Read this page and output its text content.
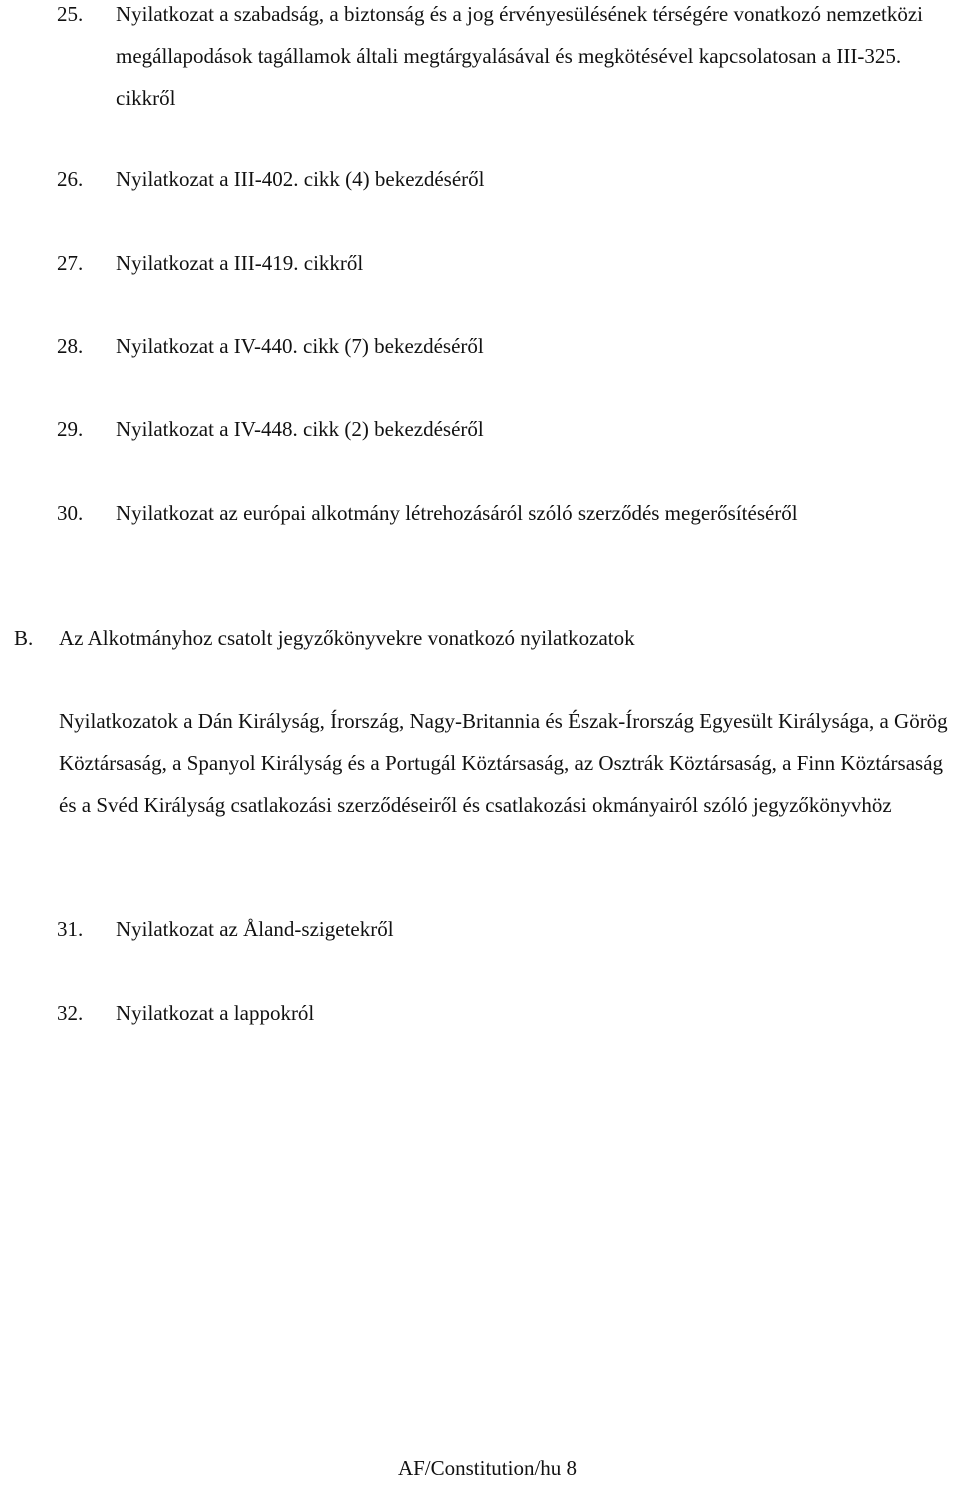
25.	Nyilatkozat a szabadság, a biztonság és a jog érvényesülésének térségére vonatkozó nemzetközi megállapodások tagállamok általi megtárgyalásával és megkötésével kapcsolatosan a III-325. cikkről
26.	Nyilatkozat a III-402. cikk (4) bekezdéséről
27.	Nyilatkozat a III-419. cikkről
28.	Nyilatkozat a IV-440. cikk (7) bekezdéséről
29.	Nyilatkozat a IV-448. cikk (2) bekezdéséről
30.	Nyilatkozat az európai alkotmány létrehozásáról szóló szerződés megerősítéséről
B.	Az Alkotmányhoz csatolt jegyzőkönyvekre vonatkozó nyilatkozatok
Nyilatkozatok a Dán Királyság, Írország, Nagy-Britannia és Észak-Írország Egyesült Királysága, a Görög Köztársaság, a Spanyol Királyság és a Portugál Köztársaság, az Osztrák Köztársaság, a Finn Köztársaság és a Svéd Királyság csatlakozási szerződéseiről és csatlakozási okmányairól szóló jegyzőkönyvhöz
31.	Nyilatkozat az Åland-szigetekről
32.	Nyilatkozat a lappokról
AF/Constitution/hu 8
